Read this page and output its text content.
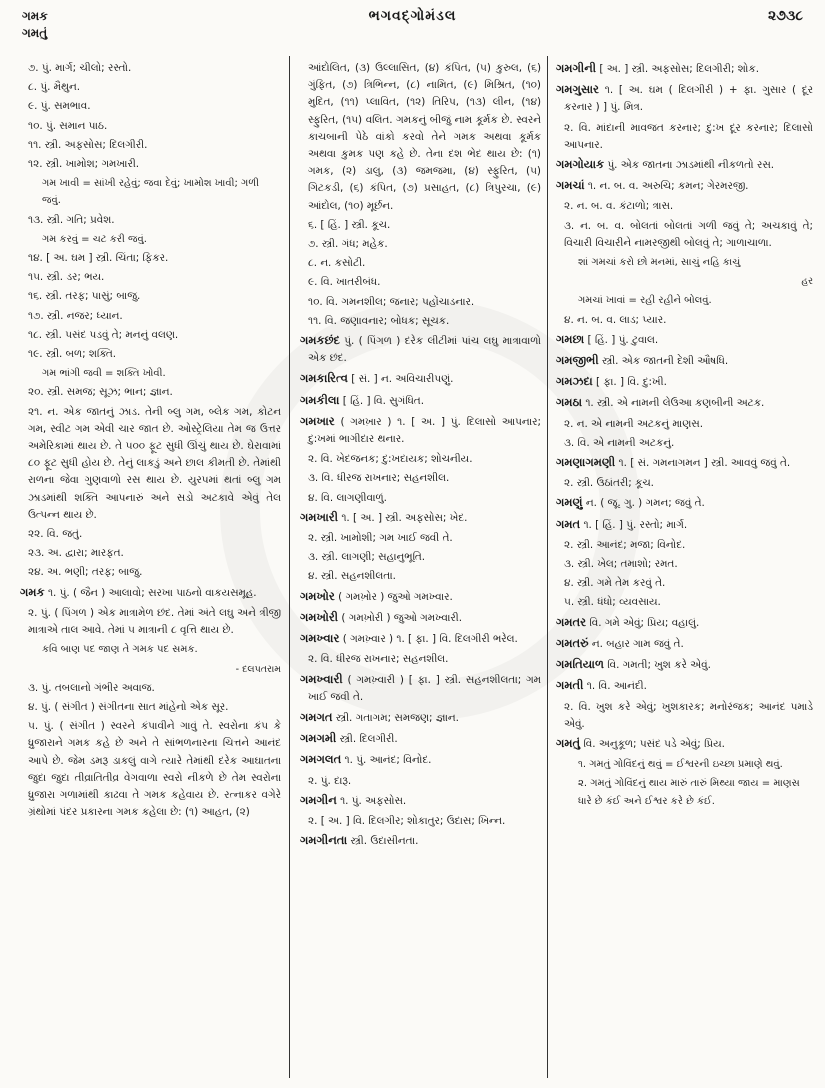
ગમક
ગમતું
ભગવદ્ગોમંડલ	૨૭૩૮

૭. પું. માર્ગ; ચીલો; રસ્તો.

૮. પું. મૈથુન.

૯. પું. સમભાવ.

૧૦. પું. સમાન પાઠ.

૧૧. સ્ત્રી. અફસોસ; દિલગીરી.

૧૨. સ્ત્રી. ખામોશ; ગમખારી.

ગમ ખાવી = સાંખી રહેવું; જવા દેવું; ખામોશ ખાવી; ગળી જવું.

૧૩. સ્ત્રી. ગતિ; પ્રવેશ.

ગમ કરવું = ચટ કરી જવું.

૧૪. [ અ. ઘમ ] સ્ત્રી. ચિંતા; ફિકર.

૧૫. સ્ત્રી. ડર; ભય.

૧૬. સ્ત્રી. તરફ; પાસું; બાજુ.

૧૭. સ્ત્રી. નજર; ધ્યાન.

૧૮. સ્ત્રી. પસંદ પડવું તે; મનનું વલણ.

૧૯. સ્ત્રી. બળ; શક્તિ.

ગમ ભાંગી જવી = શક્તિ ખોવી.

૨૦. સ્ત્રી. સમજ; સૂઝ; ભાન; જ્ઞાન.

૨૧. ન. એક જાતનું ઝાડ. તેની બ્લુ ગમ, બ્લેક ગમ, કોટન ગમ, સ્વીટ ગમ એવી ચાર જાત છે. ઓસ્ટ્રેલિયા તેમ જ ઉત્તર અમેરિકામાં થાય છે. તે ૫૦૦ ફૂટ સુધી ઊંચું થાય છે. ઘેરાવામાં ૮૦ ફૂટ સુધી હોય છે. તેનું લાકડું અને છાલ કીમતી છે. તેમાંથી રાળના જેવા ગુણવાળો રસ થાય છે. યુરપમાં થતાં બ્લુ ગમ ઝાડમાંથી શક્તિ આપનારું અને સડો અટકાવે એવું તેલ ઉત્પન્ન થાય છે.

૨૨. વિ. જતું.

૨૩. અ. દ્વારા; મારફત.

૨૪. અ. ભણી; તરફ; બાજુ.

ગમક ૧. પું. ( જૈન ) આલાવો; સરખા પાઠનો વાકયસમૂહ.

૨. પું. ( પિંગળ ) એક માત્રામેળ છંદ. તેમાં અંતે લઘુ અને ત્રીજી માત્રાએ તાલ આવે. તેમાં ૫ માત્રાની ૮ વૃત્તિ થાય છે.

કવિ બાણ પદ જાણ તે ગમક પદ સમક.

- દલપતરામ

૩. પું. તબલાનો ગંભીર અવાજ.

૪. પું. ( સંગીત ) સંગીતના સાત માંહેનો એક સૂર.

૫. પું. ( સંગીત ) સ્વરને કંપાવીને ગાવું તે. સ્વરોના કંપ કે ધ્રુજારાને ગમક કહે છે અને તે સાંભળનારના ચિત્તને આનંદ આપે છે. જેમ ડમરૂ ડાકલું વાગે ત્યારે તેમાંથી દરેક આઘાતના જુદા જુદા તીવ્રાતિતીવ્ર વેગવાળા સ્વરો નીકળે છે તેમ સ્વરોના ધ્રુજારા ગળામાંથી કાઢવા તે ગમક કહેવાય છે. રત્નાકર વગેરે ગ્રંથોમાં પંદર પ્રકારના ગમક કહેલા છે: (૧) આહત, (૨)

આંદોલિત, (૩) ઉલ્લાસિત, (૪) કંપિત, (૫) કુરુલ, (૬) ગુંફિત, (૭) ત્રિભિન્ન, (૮) નામિત, (૯) મિશ્રિત, (૧૦) મુદિત, (૧૧) પ્લાવિત, (૧૨) તિરિપ, (૧૩) લીન, (૧૪) સ્ફુરિત, (૧૫) વલિત. ગમકનું બીજું નામ કૂર્મક છે. સ્વરને કાચબાની પેઠે વાંકો કરવો તેને ગમક અથવા કૂર્મક અથવા કુમક પણ કહે છે. તેના દશ ભેદ થાય છે: (૧) ગમક, (૨) ડાલુ, (૩) જમજમા, (૪) સ્ફુરિત, (૫) ગિટકડી, (૬) કંપિત, (૭) પ્રસાહત, (૮) ત્રિપુરચા, (૯) આંદોલ, (૧૦) મૂર્છન.

૬. [ હિં. ] સ્ત્રી. કૂચ.

૭. સ્ત્રી. ગંધ; મહેક.

૮. ન. કસોટી.

૯. વિ. ખાતરીબંધ.

૧૦. વિ. ગમનશીલ; જનાર; પહોંચાડનાર.

૧૧. વિ. જણાવનાર; બોધક; સૂચક.

ગમકછંદ પું. ( પિંગળ ) દરેક લીટીમાં પાંચ લઘુ માત્રાવાળો એક છંદ.

ગમકારિત્વ [ સં. ] ન. અવિચારીપણું.

ગમકીલા [ હિં. ] વિ. સુગંધિત.

ગમખાર ( ગમખ઼ાર ) ૧. [ અ. ] પું. દિલાસો આપનાર; દુ:ખમાં ભાગીદાર થનાર.

૨. વિ. ખેદજનક; દુ:ખદાયક; શોચનીય.

૩. વિ. ધીરજ રાખનાર; સહનશીલ.

૪. વિ. લાગણીવાળું.

ગમખારી ૧. [ અ. ] સ્ત્રી. અફસોસ; ખેદ.

૨. સ્ત્રી. ખામોશી; ગમ ખાઈ જવી તે.

૩. સ્ત્રી. લાગણી; સહાનુભૂતિ.

૪. સ્ત્રી. સહનશીલતા.

ગમખોર ( ગમખ઼ોર ) જુઓ ગમખ્વાર.

ગમખોરી ( ગમખ઼ોરી ) જુઓ ગમખ્વારી.

ગમખ્વાર ( ગમખ઼્વાર ) ૧. [ ફા. ] વિ. દિલગીરી ભરેલ.

૨. વિ. ધીરજ રાખનાર; સહનશીલ.

ગમખ્વારી ( ગમખ઼્વારી ) [ ફા. ] સ્ત્રી. સહનશીલતા; ગમ ખાઈ જવી તે.

ગમગત સ્ત્રી. ગતાગમ; સમજણ; જ્ઞાન.

ગમગમી સ્ત્રી. દિલગીરી.

ગમગલત ૧. પું. આનંદ; વિનોદ.

૨. પું. દારૂ.

ગમગીન ૧. પું. અફસોસ.

૨. [ અ. ] વિ. દિલગીર; શોકાતુર; ઉદાસ; ખિન્ન.

ગમગીનતા સ્ત્રી. ઉદાસીનતા.

ગમગીની [ અ. ] સ્ત્રી. અફસોસ; દિલગીરી; શોક.

ગમગુસાર ૧. [ અ. ઘમ ( દિલગીરી ) + ફા. ગુસાર ( દૂર કરનાર ) ] પું. મિત્ર.

૨. વિ. માંદાની માવજત કરનાર; દુ:ખ દૂર કરનાર; દિલાસો આપનાર.

ગમગોયાક પું. એક જાતના ઝાડમાંથી નીકળતો રસ.

ગમચાં ૧. ન. બ. વ. અરુચિ; કમન; ગેરમરજી.

૨. ન. બ. વ. કંટાળો; ત્રાસ.

૩. ન. બ. વ. બોલતાં બોલતાં ગળી જવું તે; અચકાવું તે; વિચારી વિચારીને નામરજીથી બોલવું તે; ગાળાચાળા.

શાં ગમચાં કરો છો મનમાં, સાચું નહિ કાચું

હર

ગમચાં ખાવાં = રહી રહીને બોલવું.

૪. ન. બ. વ. લાડ; પ્યાર.

ગમછા [ હિં. ] પું. ટુવાલ.

ગમજીભી સ્ત્રી. એક જાતની દેશી ઔષધિ.

ગમઝદા [ ફા. ] વિ. દુ:ખી.

ગમઠા ૧. સ્ત્રી. એ નામની લેઉઆ કણબીની અટક.

૨. ન. એ નામની અટકનું માણસ.

૩. વિ. એ નામની અટકનું.

ગમણાગમણી ૧. [ સં. ગમનાગમન ] સ્ત્રી. આવવું જવું તે.

૨. સ્ત્રી. ઉઠાંતરી; કૂચ.

ગમણું ન. ( જૂ. ગુ. ) ગમન; જવું તે.

ગમત ૧. [ હિં. ] પું. રસ્તો; માર્ગ.

૨. સ્ત્રી. આનંદ; મજા; વિનોદ.

૩. સ્ત્રી. ખેલ; તમાશો; રમત.

૪. સ્ત્રી. ગમે તેમ કરવું તે.

૫. સ્ત્રી. ધંધો; વ્યવસાય.

ગમતર વિ. ગમે એવું; પ્રિય; વહાલું.

ગમતરું ન. બહાર ગામ જવું તે.

ગમતિયાળ વિ. ગમતી; ખુશ કરે એવું.

ગમતી ૧. વિ. આનંદી.

૨. વિ. ખુશ કરે એવું; ખુશકારક; મનોરંજક; આનંદ પમાડે એવું.

ગમતું વિ. અનુકૂળ; પસંદ પડે એવું; પ્રિય.

૧. ગમતું ગોવિંદનું થવું = ઈશ્વરની ઇચ્છા પ્રમાણે થવું.

૨. ગમતું ગોવિંદનું થાય મારું તારું મિથ્યા જાય = માણસ ધારે છે કંઈ અને ઈશ્વર કરે છે કંઈ.
